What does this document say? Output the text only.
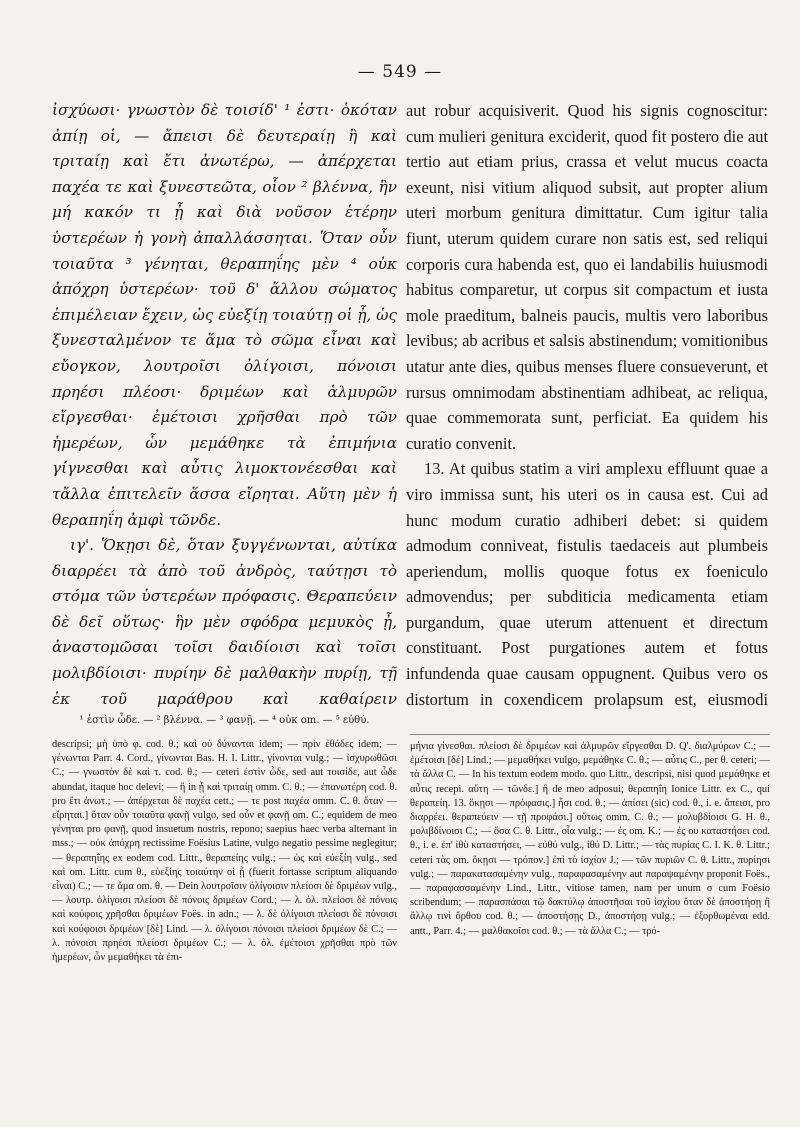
— 549 —

ἰσχύωσι· γνωστὸν δὲ τοισίδ' ¹ ἐστι· ὁκόταν ἀπίῃ οἱ, — ἄπεισι δὲ δευτεραίῃ ἢ καὶ τριταίῃ καὶ ἔτι ἀνωτέρω, — ἀπέρχεται παχέα τε καὶ ξυνεστεῶτα, οἷον ² βλέννα, ἣν μή κακόν τι ᾖ καὶ διὰ νοῦσον ἑτέρην ὑστερέων ἡ γονὴ ἀπαλλάσσηται. Ὅταν οὖν τοιαῦτα ³ γένηται, θεραπηΐης μὲν ⁴ οὐκ ἀπόχρη ὑστερέων· τοῦ δ' ἄλλου σώματος ἐπιμέλειαν ἔχειν, ὡς εὐεξίῃ τοιαύτῃ οἱ ᾖ, ὡς ξυνεσταλμένον τε ἅμα τὸ σῶμα εἶναι καὶ εὔογκον, λουτροῖσι ὀλίγοισι, πόνοισι πρηέσι πλέοσι· δριμέων καὶ ἁλμυρῶν εἴργεσθαι· ἐμέτοισι χρῆσθαι πρὸ τῶν ἡμερέων, ὧν μεμάθηκε τὰ ἐπιμήνια γίγνεσθαι καὶ αὖτις λιμοκτονέεσθαι καὶ τἄλλα ἐπιτελεῖν ἅσσα εἴρηται. Αὕτη μὲν ἡ θεραπηΐη ἀμφὶ τῶνδε.

ιγ'. Ὅκῃσι δὲ, ὅταν ξυγγένωνται, αὐτίκα διαρρέει τὰ ἀπὸ τοῦ ἀνδρὸς, ταύτῃσι τὸ στόμα τῶν ὑστερέων πρόφασις. Θεραπεύειν δὲ δεῖ οὕτως· ἣν μὲν σφόδρα μεμυκὸς ᾖ, ἀναστομῶσαι τοῖσι δαιδίοισι καὶ τοῖσι μολιβδίοισι· πυρίην δὲ μαλθακὴν πυρίῃ, τῇ ἐκ τοῦ μαράθρου καὶ καθαίρειν

aut robur acquisiverit. Quod his signis cognoscitur: cum mulieri genitura exciderit, quod fit postero die aut tertio aut etiam prius, crassa et velut mucus coacta exeunt, nisi vitium aliquod subsit, aut propter alium uteri morbum genitura dimittatur. Cum igitur talia fiunt, uterum quidem curare non satis est, sed reliqui corporis cura habenda est, quo ei landabilis huiusmodi habitus comparetur, ut corpus sit compactum et iusta mole praeditum, balneis paucis, multis vero laboribus levibus; ab acribus et salsis abstinendum; vomitionibus utatur ante dies, quibus menses fluere consueverunt, et rursus omnimodam abstinentiam adhibeat, ac reliqua, quae commemorata sunt, perficiat. Ea quidem his curatio convenit.

13. At quibus statim a viri amplexu effluunt quae a viro immissa sunt, his uteri os in causa est. Cui ad hunc modum curatio adhiberi debet: si quidem admodum conniveat, fistulis taedaceis aut plumbeis aperiendum, mollis quoque fotus ex foeniculo admovendus; per subditicia medicamenta etiam purgandum, quae uterum attenuent et directum constituant. Post purgationes autem et fotus infundenda quae causam oppugnent. Quibus vero os distortum in coxendicem prolapsum est, eiusmodi

¹ ἐστὶν ὧδε. — ² βλέννα. — ³ φανῇ. — ⁴ οὐκ om. — ⁵ εὐθύ.

descripsi; μὴ ὑπὸ φ. cod. θ.; καὶ οὐ δύνανται idem; — πρὶν ἐθάδες idem; — γένωνται Parr. 4. Cord., γίνωνται Bas. H. I. Littr., γίνονται vulg.; — ἰσχυρωθῶσι C.; — γνωστὸν δὲ καὶ τ. cod. θ.; — ceteri ἐστὶν ὧδε, sed aut τοισίδε, aut ὧδε abundat, itaque hoc delevi; — ἢ in ᾗ καὶ τριταίῃ omm. C. θ.; — ἐπανωτέρη cod. θ. pro ἔτι ἀνωτ.; — ἀπέρχεται δὲ παχέα cett.; — τε post παχέα omm. C. θ. ὅταν — εἴρηται.] ὅταν οὖν τοιαῦτα φανῇ vulgo, sed οὖν et φανῇ om. C.; equidem de meo γένηται pro φανῇ, quod insuetum nostris, repono; saepius haec verba alternant in mss.; — οὐκ ἀπόχρη rectissime Foësius Latine, vulgo negatio pessime neglegitur; — θεραπηΐης ex eodem cod. Littr., θεραπείης vulg.; — ὡς καὶ εὐεξίη vulg., sed καὶ om. Littr. cum θ., εὐεξίης τοιαύτην οἱ ᾖ (fuerit fortasse scriptum aliquando εἶναι) C.; — τε ἅμα om. θ. — Dein λουτροῖσιν ὀλίγοισιν πλείοσι δὲ δριμέων vulg., — λουτρ. ὀλίγοισι πλείοσι δὲ πόνοις δριμέων Cord.; — λ. ὀλ. πλείοσι δὲ πόνοις καὶ κούφοις χρῆσθαι δριμέων Foës. in adn.; — λ. δὲ ὀλίγοισι πλείοσι δὲ πόνοισι καὶ κούφοισι δριμέων [δὲ] Lind. — λ. ὀλίγοισι πόνοισι πλείοσι δριμέων δὲ C.; — λ. πόνοισι πρηέσι πλείοσι δριμέων C.; — λ. ὀλ. ἐμέτοισι χρῆσθαι πρὸ τῶν ἡμερέων, ὧν μεμαθήκει τὰ ἐπι-

μήνια γίνεσθαι. πλείοσι δὲ δριμέων καὶ ἁλμυρῶν εἴργεσθαι D. Q'. διαλμύρων C.; — ἐμέτοισι [δὲ] Lind.; — μεμαθήκει vulgo, μεμάθηκε C. θ.; — αὖτις C., per θ. ceteri; — τὰ ἄλλα C. — In his textum eodem modo. quo Littr., descripsi, nisi quod μεμάθηκε et αὖτις recepi. αὕτη — τῶνδε.] ἢ de meo adposui; θεραπηΐη Ionice Littr. ex C., qui θεραπείη. 13. ὅκῃσι — πρόφασις.] ἦσι cod. θ.; — ἀπίσει (sic) cod. θ., i. e. ἄπεισι, pro διαρρέει. θεραπεύειν — τῇ προφάσι.] οὕτως omm. C. θ.; — μολυβδίοισι G. H. θ., μολιβδίνοισι C.; — ὅσα C. θ. Littr., οἷα vulg.; — ἐς om. K.; — ἐς ου καταστήσει cod. θ., i. e. ἐπ' ἰθὺ καταστήσει, — εὐθύ vulg., ἰθύ D. Littr.; — τὰς πυρίας C. I. K. θ. Littr.; ceteri τὰς om. ὅκῃσι — τρόπον.] ἐπὶ τὸ ἰσχίον J.; — τῶν πυριῶν C. θ. Littr., πυρίησι vulg.; — παρακατασαμένην vulg., παραφασαμένην aut παραψαμένην proponit Foës., — παραφασσαμένην Lind., Littr., vitiose tamen, nam per unum σ cum Foësio scribendum; — παρασπάσαι τῷ δακτύλῳ ἀποστῆσαι τοῦ ἰσχίου ὅταν δὲ ἀποστήσῃ ἢ ἄλλῳ τινὶ ὄρθου cod. θ.; — ἀποστήσῃς D., ἀποστήσῃ vulg.; — ἐξορθωμέναι edd. antt., Parr. 4.; — μαλθακοῖσι cod. θ.; — τὰ ἄλλα C.; — τρό-
